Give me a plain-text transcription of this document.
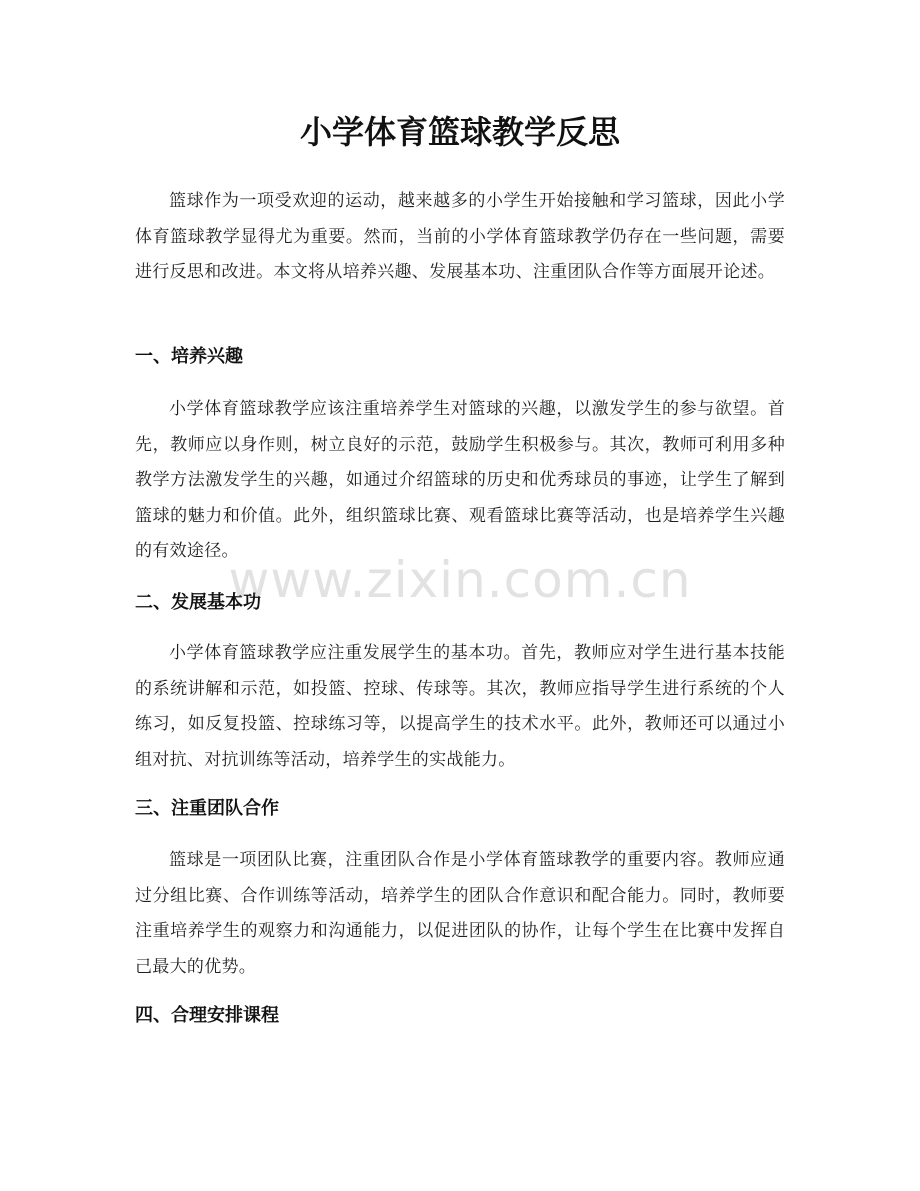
小学体育篮球教学反思

篮球作为一项受欢迎的运动，越来越多的小学生开始接触和学习篮球，因此小学体育篮球教学显得尤为重要。然而，当前的小学体育篮球教学仍存在一些问题，需要进行反思和改进。本文将从培养兴趣、发展基本功、注重团队合作等方面展开论述。

一、培养兴趣

小学体育篮球教学应该注重培养学生对篮球的兴趣，以激发学生的参与欲望。首先，教师应以身作则，树立良好的示范，鼓励学生积极参与。其次，教师可利用多种教学方法激发学生的兴趣，如通过介绍篮球的历史和优秀球员的事迹，让学生了解到篮球的魅力和价值。此外，组织篮球比赛、观看篮球比赛等活动，也是培养学生兴趣的有效途径。

二、发展基本功

小学体育篮球教学应注重发展学生的基本功。首先，教师应对学生进行基本技能的系统讲解和示范，如投篮、控球、传球等。其次，教师应指导学生进行系统的个人练习，如反复投篮、控球练习等，以提高学生的技术水平。此外，教师还可以通过小组对抗、对抗训练等活动，培养学生的实战能力。

三、注重团队合作

篮球是一项团队比赛，注重团队合作是小学体育篮球教学的重要内容。教师应通过分组比赛、合作训练等活动，培养学生的团队合作意识和配合能力。同时，教师要注重培养学生的观察力和沟通能力，以促进团队的协作，让每个学生在比赛中发挥自己最大的优势。

四、合理安排课程
www.zixin.com.cn
